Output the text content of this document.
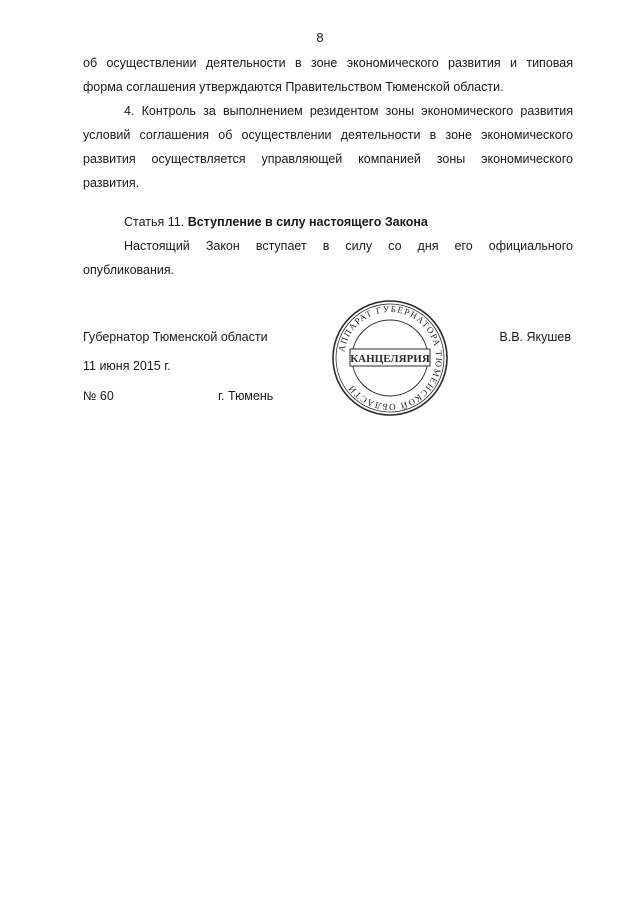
8
об осуществлении деятельности в зоне экономического развития и типовая
форма соглашения утверждаются Правительством Тюменской области.
4. Контроль за выполнением резидентом зоны экономического развития
условий соглашения об осуществлении деятельности в зоне экономического
развития осуществляется управляющей компанией зоны экономического
развития.
Статья 11. Вступление в силу настоящего Закона
Настоящий Закон вступает в силу со дня его официального
опубликования.
Губернатор Тюменской области	В.В. Якушев
11 июня 2015 г.
№ 60	г. Тюмень
АППАРАТ ГУБЕРНАТОРА ТЮМЕНСКОЙ ОБЛАСТИ
КАНЦЕЛЯРИЯ
